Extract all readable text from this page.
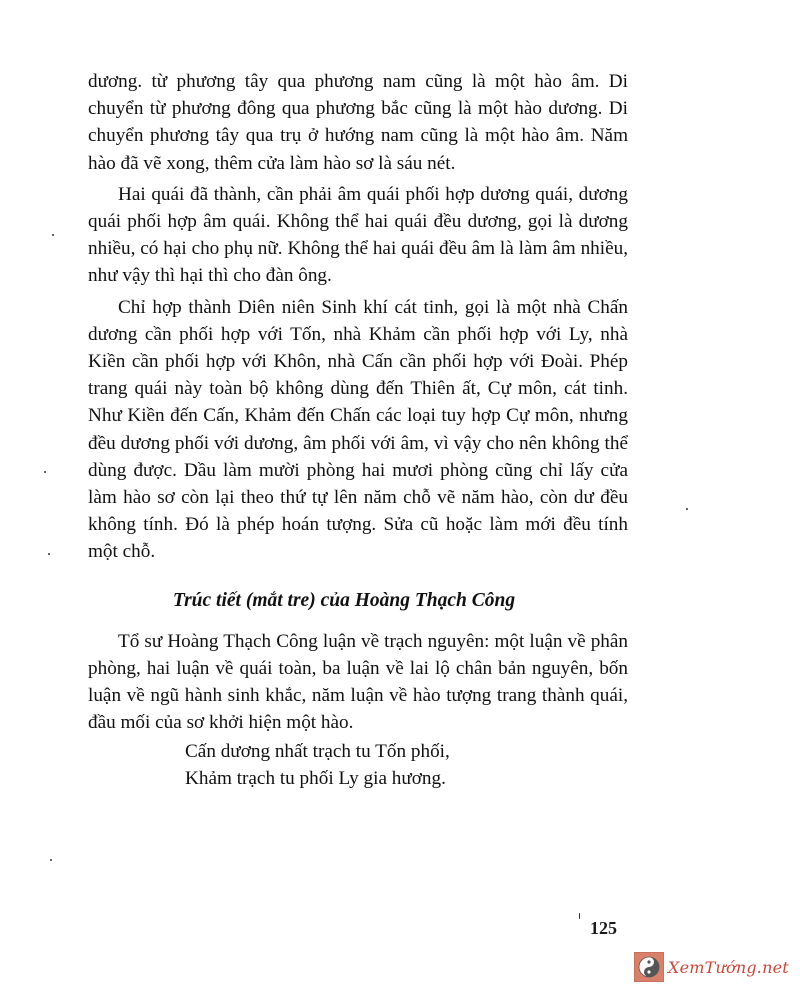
dương. từ phương tây qua phương nam cũng là một hào âm. Di chuyển từ phương đông qua phương bắc cũng là một hào dương. Di chuyển phương tây qua trụ ở hướng nam cũng là một hào âm. Năm hào đã vẽ xong, thêm cửa làm hào sơ là sáu nét.

Hai quái đã thành, cần phải âm quái phối hợp dương quái, dương quái phối hợp âm quái. Không thể hai quái đều dương, gọi là dương nhiều, có hại cho phụ nữ. Không thể hai quái đều âm là làm âm nhiều, như vậy thì hại thì cho đàn ông.

Chỉ hợp thành Diên niên Sinh khí cát tinh, gọi là một nhà Chấn dương cần phối hợp với Tốn, nhà Khảm cần phối hợp với Ly, nhà Kiền cần phối hợp với Khôn, nhà Cấn cần phối hợp với Đoài. Phép trang quái này toàn bộ không dùng đến Thiên ất, Cự môn, cát tinh. Như Kiền đến Cấn, Khảm đến Chấn các loại tuy hợp Cự môn, nhưng đều dương phối với dương, âm phối với âm, vì vậy cho nên không thể dùng được. Dầu làm mười phòng hai mươi phòng cũng chỉ lấy cửa làm hào sơ còn lại theo thứ tự lên năm chỗ vẽ năm hào, còn dư đều không tính. Đó là phép hoán tượng. Sửa cũ hoặc làm mới đều tính một chỗ.

Trúc tiết (mắt tre) của Hoàng Thạch Công

Tổ sư Hoàng Thạch Công luận về trạch nguyên: một luận về phân phòng, hai luận về quái toàn, ba luận về lai lộ chân bản nguyên, bốn luận về ngũ hành sinh khắc, năm luận về hào tượng trang thành quái, đầu mối của sơ khởi hiện một hào.

Cấn dương nhất trạch tu Tốn phối,
Khảm trạch tu phối Ly gia hương.
125
XemTướng.net
